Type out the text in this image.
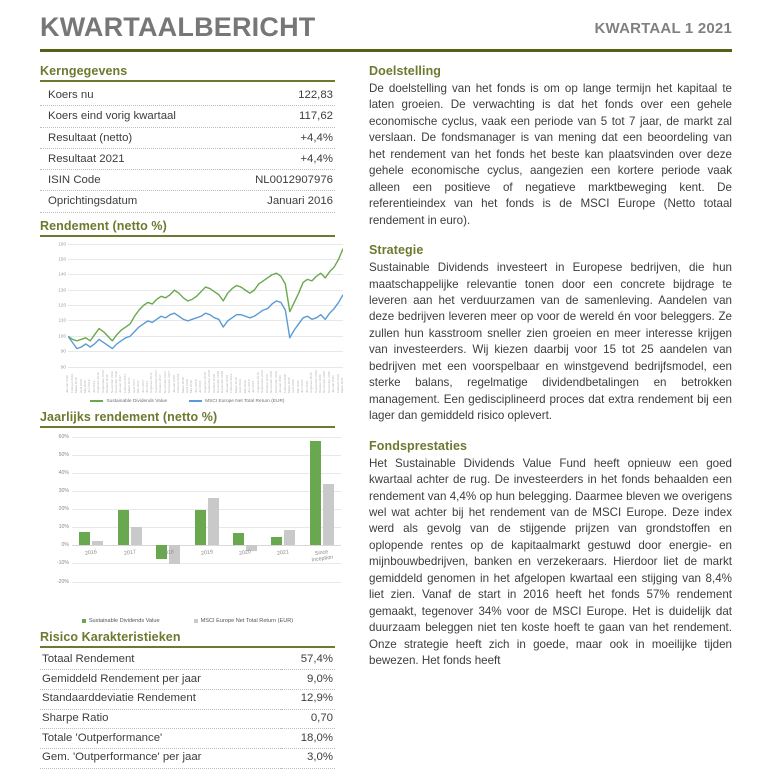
KWARTAALBERICHT	KWARTAAL 1 2021
Kerngegevens
Koers nu	122,83
Koers eind vorig kwartaal	117,62
Resultaat (netto)	+4,4%
Resultaat 2021	+4,4%
ISIN Code	NL0012907976
Oprichtingsdatum	Januari 2016
Rendement (netto %)
80
90
100
110
120
130
140
150
160
Januari 2016 Februari 2016 Maart 2016 April 2016 Mei 2016 Juni 2016 Juli 2016 Augustus 2016 September 2016 Oktober 2016 November 2016 December 2016 Januari 2017 Februari 2017 Maart 2017 April 2017 Mei 2017 Juni 2017 Juli 2017 Augustus 2017 September 2017 Oktober 2017 November 2017 December 2017 Januari 2018 Februari 2018 Maart 2018 April 2018 Mei 2018 Juni 2018 Juli 2018 Augustus 2018 September 2018 Oktober 2018 November 2018 December 2018 Januari 2019 Februari 2019 Maart 2019 April 2019 Mei 2019 Juni 2019 Juli 2019 Augustus 2019 September 2019 Oktober 2019 November 2019 December 2019 Januari 2020 Februari 2020 Maart 2020 April 2020 Mei 2020 Juni 2020 Juli 2020 Augustus 2020 September 2020 Oktober 2020 November 2020 December 2020 Januari 2021 Februari 2021 Maart 2021
Sustainable Dividends Value	MSCI Europe Net Total Return (EUR)
Jaarlijks rendement (netto %)
-20%
-10%
0%
10%
20%
30%
40%
50%
60%
2016	2017	2018	2019	2020	2021	Since
Inception
Sustainable Dividends Value	MSCI Europe Net Total Return (EUR)
Risico Karakteristieken
Totaal Rendement	57,4%
Gemiddeld Rendement per jaar	9,0%
Standaarddeviatie Rendement	12,9%
Sharpe Ratio	0,70
Totale 'Outperformance'	18,0%
Gem. 'Outperformance' per jaar	3,0%
Doelstelling

De doelstelling van het fonds is om op lange termijn het kapitaal te laten groeien. De verwachting is dat het fonds over een gehele economische cyclus, vaak een periode van 5 tot 7 jaar, de markt zal verslaan. De fondsmanager is van mening dat een beoordeling van het rendement van het fonds het beste kan plaatsvinden over deze gehele economische cyclus, aangezien een kortere periode vaak alleen een positieve of negatieve marktbeweging kent. De referentieindex van het fonds is de MSCI Europe (Netto totaal rendement in euro).

Strategie

Sustainable Dividends investeert in Europese bedrijven, die hun maatschappelijke relevantie tonen door een concrete bijdrage te leveren aan het verduurzamen van de samenleving. Aandelen van deze bedrijven leveren meer op voor de wereld én voor beleggers. Ze zullen hun kasstroom sneller zien groeien en meer interesse krijgen van investeerders. Wij kiezen daarbij voor 15 tot 25 aandelen van bedrijven met een voorspelbaar en winstgevend bedrijfsmodel, een sterke balans, regelmatige dividendbetalingen en betrokken management. Een gedisciplineerd proces dat extra rendement bij een lager dan gemiddeld risico oplevert.

Fondsprestaties

Het Sustainable Dividends Value Fund heeft opnieuw een goed kwartaal achter de rug. De investeerders in het fonds behaalden een rendement van 4,4% op hun belegging. Daarmee bleven we overigens wel wat achter bij het rendement van de MSCI Europe. Deze index werd als gevolg van de stijgende prijzen van grondstoffen en oplopende rentes op de kapitaalmarkt gestuwd door energie- en mijnbouwbedrijven, banken en verzekeraars. Hierdoor liet de markt gemiddeld genomen in het afgelopen kwartaal een stijging van 8,4% liet zien. Vanaf de start in 2016 heeft het fonds 57% rendement gemaakt, tegenover 34% voor de MSCI Europe. Het is duidelijk dat duurzaam beleggen niet ten koste hoeft te gaan van het rendement. Onze strategie heeft zich in goede, maar ook in moeilijke tijden bewezen. Het fonds heeft
